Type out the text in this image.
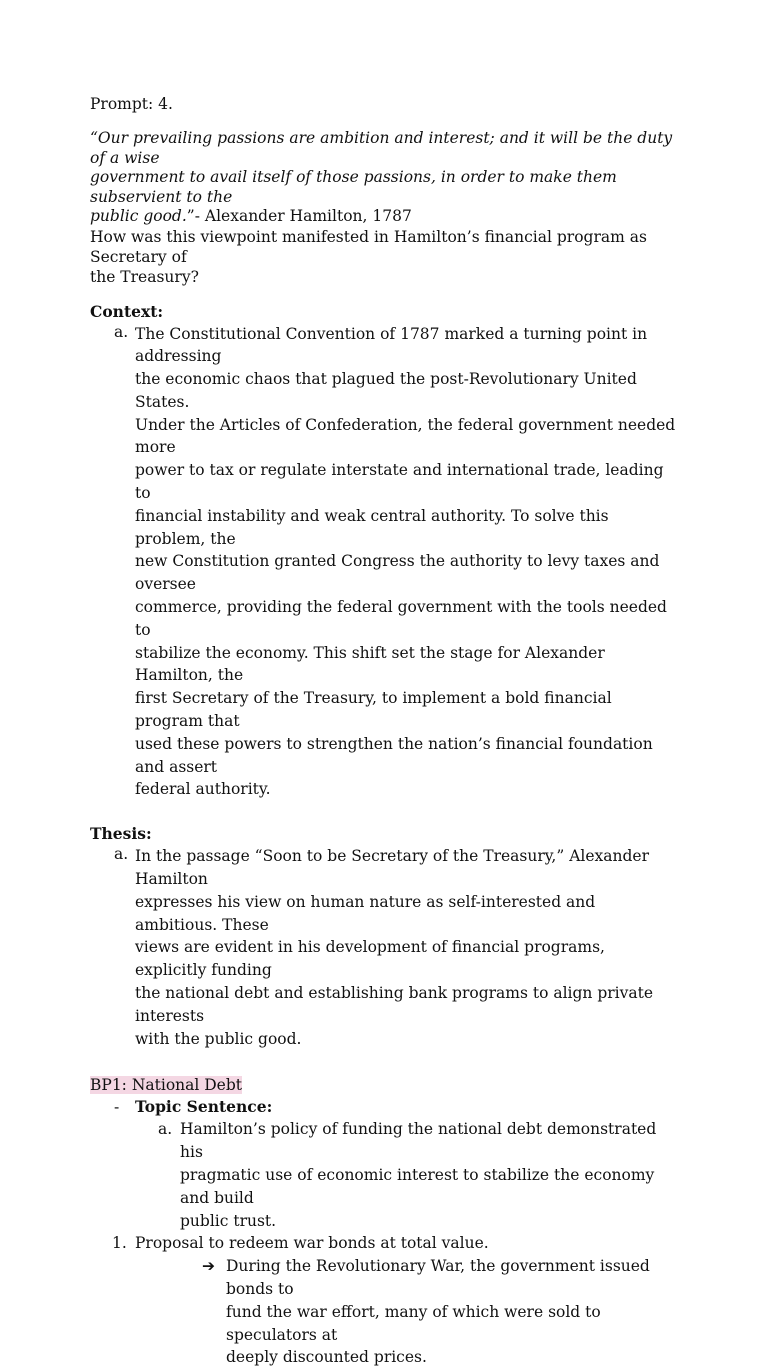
Prompt: 4.
“Our prevailing passions are ambition and interest; and it will be the duty of a wise
government to avail itself of those passions, in order to make them subservient to the
public good.”- Alexander Hamilton, 1787
How was this viewpoint manifested in Hamilton’s financial program as Secretary of
the Treasury?
Context:
a. The Constitutional Convention of 1787 marked a turning point in addressing
the economic chaos that plagued the post-Revolutionary United States.
Under the Articles of Confederation, the federal government needed more
power to tax or regulate interstate and international trade, leading to
financial instability and weak central authority. To solve this problem, the
new Constitution granted Congress the authority to levy taxes and oversee
commerce, providing the federal government with the tools needed to
stabilize the economy. This shift set the stage for Alexander Hamilton, the
first Secretary of the Treasury, to implement a bold financial program that
used these powers to strengthen the nation’s financial foundation and assert
federal authority.
Thesis:
a. In the passage “Soon to be Secretary of the Treasury,” Alexander Hamilton
expresses his view on human nature as self-interested and ambitious. These
views are evident in his development of financial programs, explicitly funding
the national debt and establishing bank programs to align private interests
with the public good.
BP1: National Debt
-	Topic Sentence:
a. Hamilton’s policy of funding the national debt demonstrated his
pragmatic use of economic interest to stabilize the economy and build
public trust.
1. Proposal to redeem war bonds at total value.
➔ During the Revolutionary War, the government issued bonds to
fund the war effort, many of which were sold to speculators at
deeply discounted prices.
